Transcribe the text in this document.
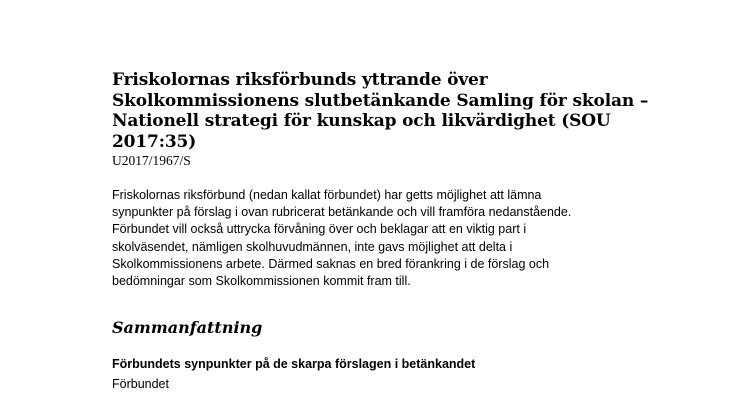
Friskolornas riksförbunds yttrande över
Skolkommissionens slutbetänkande Samling för skolan –
Nationell strategi för kunskap och likvärdighet (SOU
2017:35)

U2017/1967/S

Friskolornas riksförbund (nedan kallat förbundet) har getts möjlighet att lämna
synpunkter på förslag i ovan rubricerat betänkande och vill framföra nedanstående.
Förbundet vill också uttrycka förvåning över och beklagar att en viktig part i
skolväsendet, nämligen skolhuvudmännen, inte gavs möjlighet att delta i
Skolkommissionens arbete. Därmed saknas en bred förankring i de förslag och
bedömningar som Skolkommissionen kommit fram till.

Sammanfattning
Förbundets synpunkter på de skarpa förslagen i betänkandet

Förbundet
